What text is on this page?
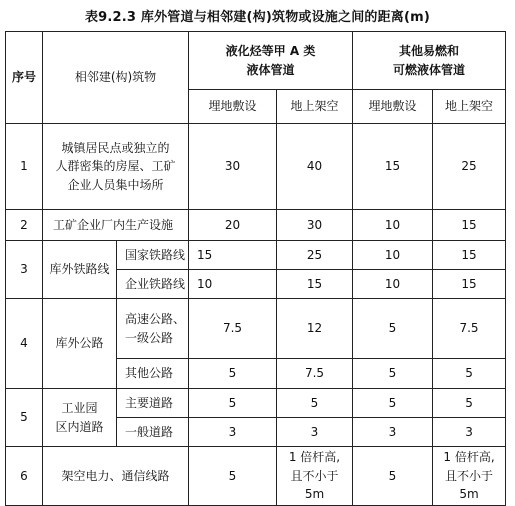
表9.2.3 库外管道与相邻建(构)筑物或设施之间的距离(m)
序号	相邻建(构)筑物		液化烃等甲 A 类
液体管道		其他易燃和
可燃液体管道	
			埋地敷设	地上架空	埋地敷设	地上架空
1	城镇居民点或独立的
人群密集的房屋、工矿
企业人员集中场所		30	40	15	25
2	工矿企业厂内生产设施		20	30	10	15
3	库外铁路线	国家铁路线	15	25	10	15
		企业铁路线	10	15	10	15
4	库外公路	高速公路、
一级公路	7.5	12	5	7.5
		其他公路	5	7.5	5	5
5	工业园
区内道路	主要道路	5	5	5	5
		一般道路	3	3	3	3
6	架空电力、通信线路		5	1 倍杆高,
且不小于 5m	5	1 倍杆高,
且不小于 5m
